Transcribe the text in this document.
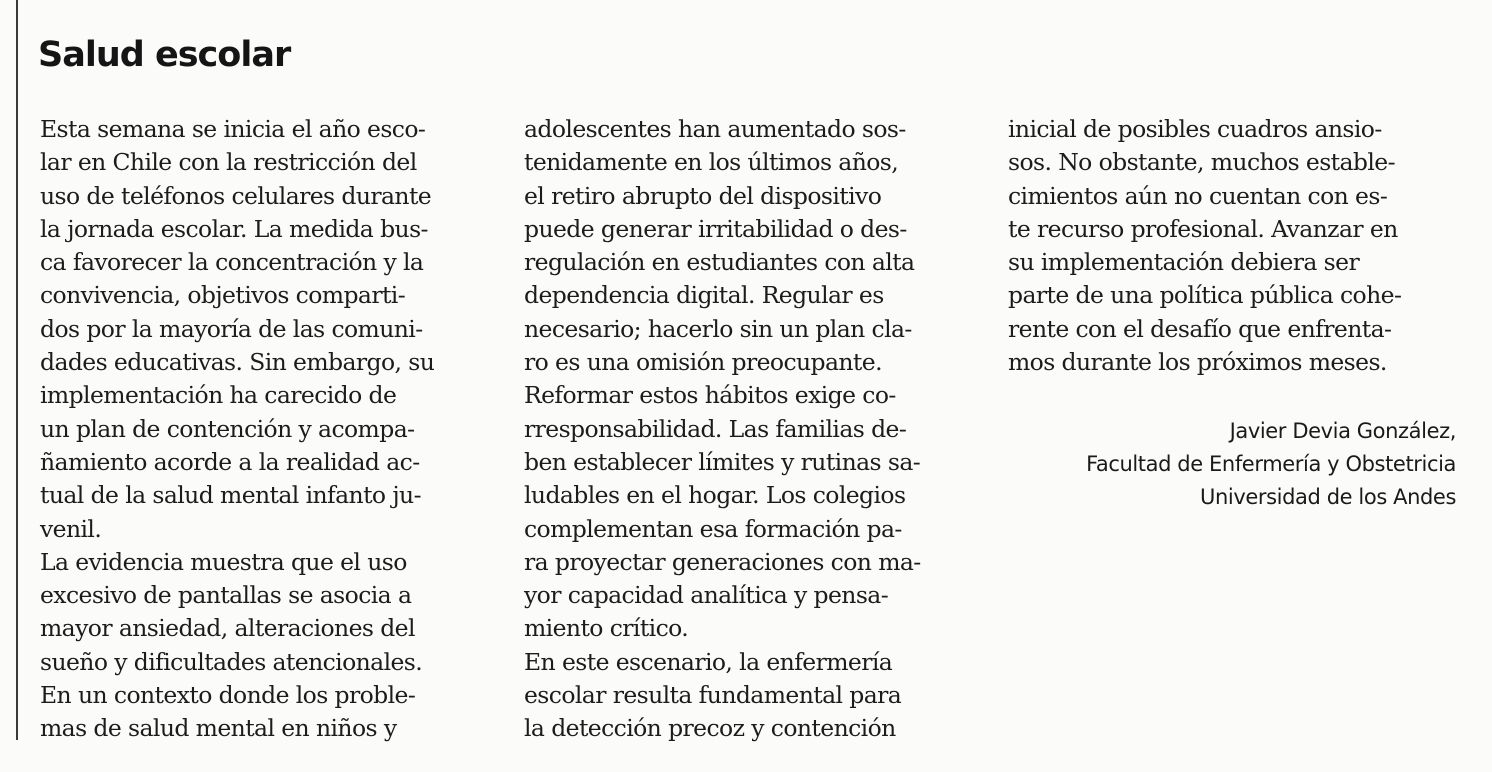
Salud escolar
Esta semana se inicia el año esco-
lar en Chile con la restricción del
uso de teléfonos celulares durante
la jornada escolar. La medida bus-
ca favorecer la concentración y la
convivencia, objetivos comparti-
dos por la mayoría de las comuni-
dades educativas. Sin embargo, su
implementación ha carecido de
un plan de contención y acompa-
ñamiento acorde a la realidad ac-
tual de la salud mental infanto ju-
venil.
La evidencia muestra que el uso
excesivo de pantallas se asocia a
mayor ansiedad, alteraciones del
sueño y dificultades atencionales.
En un contexto donde los proble-
mas de salud mental en niños y
adolescentes han aumentado sos-
tenidamente en los últimos años,
el retiro abrupto del dispositivo
puede generar irritabilidad o des-
regulación en estudiantes con alta
dependencia digital. Regular es
necesario; hacerlo sin un plan cla-
ro es una omisión preocupante.
Reformar estos hábitos exige co-
rresponsabilidad. Las familias de-
ben establecer límites y rutinas sa-
ludables en el hogar. Los colegios
complementan esa formación pa-
ra proyectar generaciones con ma-
yor capacidad analítica y pensa-
miento crítico.
En este escenario, la enfermería
escolar resulta fundamental para
la detección precoz y contención
inicial de posibles cuadros ansio-
sos. No obstante, muchos estable-
cimientos aún no cuentan con es-
te recurso profesional. Avanzar en
su implementación debiera ser
parte de una política pública cohe-
rente con el desafío que enfrenta-
mos durante los próximos meses.
Javier Devia González,
Facultad de Enfermería y Obstetricia
Universidad de los Andes
